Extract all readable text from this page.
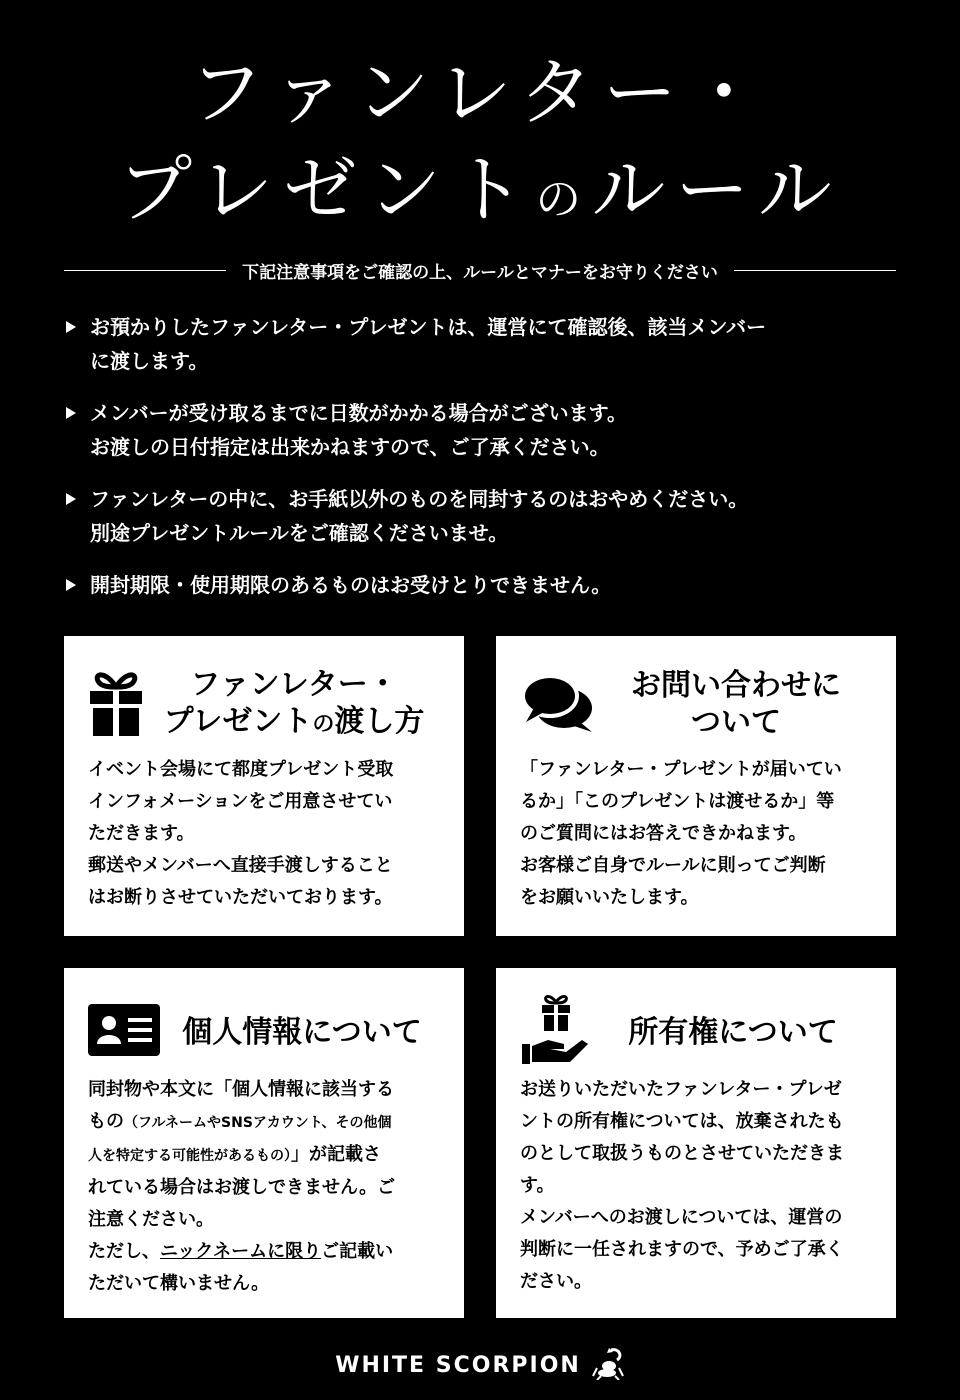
ファンレター・
プレゼントのルール
下記注意事項をご確認の上、ルールとマナーをお守りください
お預かりしたファンレター・プレゼントは、運営にて確認後、該当メンバー
に渡します。
メンバーが受け取るまでに日数がかかる場合がございます。
お渡しの日付指定は出来かねますので、ご了承ください。
ファンレターの中に、お手紙以外のものを同封するのはおやめください。
別途プレゼントルールをご確認くださいませ。
開封期限・使用期限のあるものはお受けとりできません。
ファンレター・
プレゼントの渡し方
イベント会場にて都度プレゼント受取
インフォメーションをご用意させてい
ただきます。
郵送やメンバーへ直接手渡しすること
はお断りさせていただいております。
お問い合わせに
ついて
「ファンレター・プレゼントが届いてい
るか」「このプレゼントは渡せるか」等
のご質問にはお答えできかねます。
お客様ご自身でルールに則ってご判断
をお願いいたします。
個人情報について
同封物や本文に「個人情報に該当する
もの（フルネームやSNSアカウント、その他個
人を特定する可能性があるもの）」が記載さ
れている場合はお渡しできません。ご
注意ください。
ただし、ニックネームに限りご記載い
ただいて構いません。
所有権について
お送りいただいたファンレター・プレゼ
ントの所有権については、放棄されたも
のとして取扱うものとさせていただきま
す。
メンバーへのお渡しについては、運営の
判断に一任されますので、予めご了承く
ださい。
WHITE SCORPION
